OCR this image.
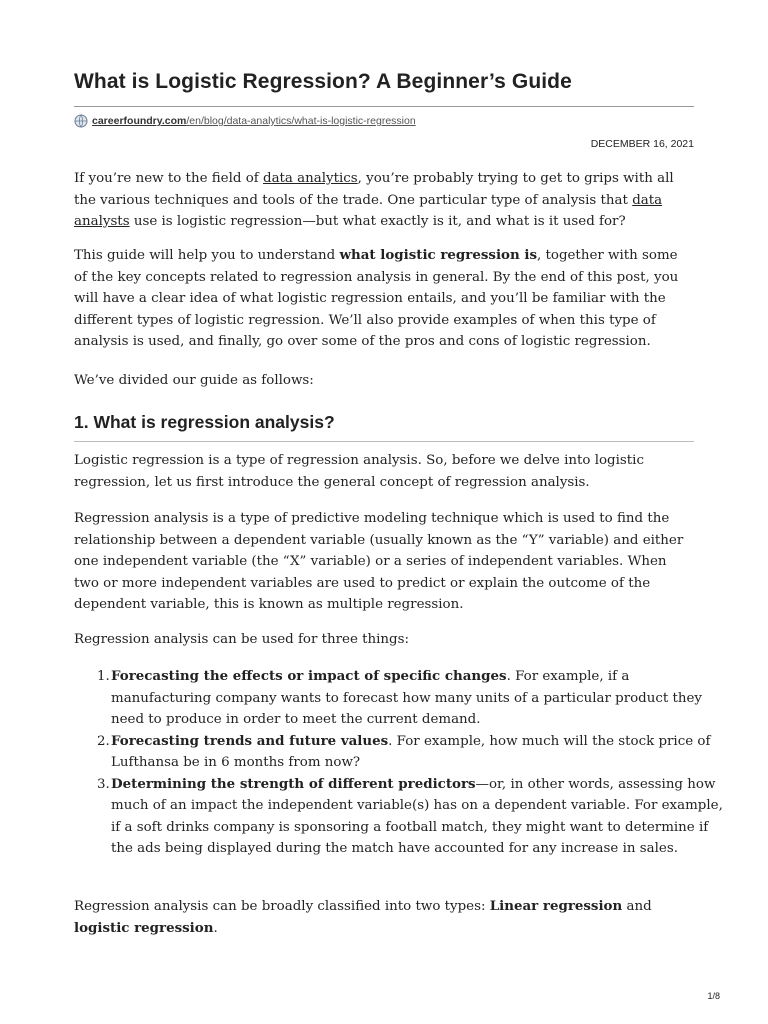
What is Logistic Regression? A Beginner’s Guide
careerfoundry.com /en/blog/data-analytics/what-is-logistic-regression
DECEMBER 16, 2021

If you’re new to the field of data analytics, you’re probably trying to get to grips with all the various techniques and tools of the trade. One particular type of analysis that data analysts use is logistic regression—but what exactly is it, and what is it used for?

This guide will help you to understand what logistic regression is, together with some of the key concepts related to regression analysis in general. By the end of this post, you will have a clear idea of what logistic regression entails, and you’ll be familiar with the different types of logistic regression. We’ll also provide examples of when this type of analysis is used, and finally, go over some of the pros and cons of logistic regression.

We’ve divided our guide as follows:

1. What is regression analysis?

Logistic regression is a type of regression analysis. So, before we delve into logistic regression, let us first introduce the general concept of regression analysis.

Regression analysis is a type of predictive modeling technique which is used to find the relationship between a dependent variable (usually known as the “Y” variable) and either one independent variable (the “X” variable) or a series of independent variables. When two or more independent variables are used to predict or explain the outcome of the dependent variable, this is known as multiple regression.

Regression analysis can be used for three things:

1. Forecasting the effects or impact of specific changes. For example, if a manufacturing company wants to forecast how many units of a particular product they need to produce in order to meet the current demand.
2. Forecasting trends and future values. For example, how much will the stock price of Lufthansa be in 6 months from now?
3. Determining the strength of different predictors—or, in other words, assessing how much of an impact the independent variable(s) has on a dependent variable. For example, if a soft drinks company is sponsoring a football match, they might want to determine if the ads being displayed during the match have accounted for any increase in sales.

Regression analysis can be broadly classified into two types: Linear regression and logistic regression.

1/8
